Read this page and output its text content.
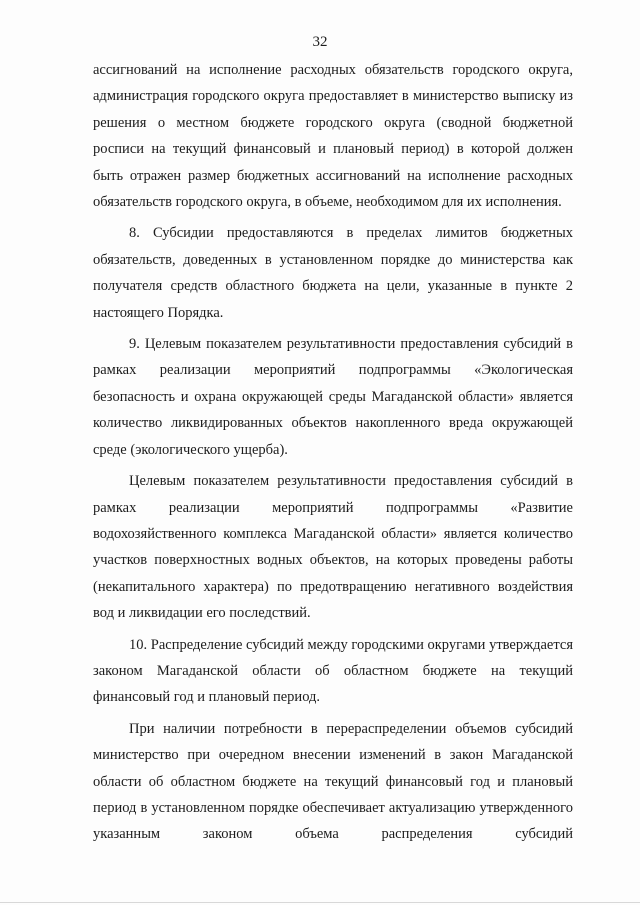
32

ассигнований на исполнение расходных обязательств городского округа, администрация городского округа предоставляет в министерство выписку из решения о местном бюджете городского округа (сводной бюджетной росписи на текущий финансовый и плановый период) в которой должен быть отражен размер бюджетных ассигнований на исполнение расходных обязательств городского округа, в объеме, необходимом для их исполнения.

8. Субсидии предоставляются в пределах лимитов бюджетных обязательств, доведенных в установленном порядке до министерства как получателя средств областного бюджета на цели, указанные в пункте 2 настоящего Порядка.

9. Целевым показателем результативности предоставления субсидий в рамках реализации мероприятий подпрограммы «Экологическая безопасность и охрана окружающей среды Магаданской области» является количество ликвидированных объектов накопленного вреда окружающей среде (экологического ущерба).

Целевым показателем результативности предоставления субсидий в рамках реализации мероприятий подпрограммы «Развитие водохозяйственного комплекса Магаданской области» является количество участков поверхностных водных объектов, на которых проведены работы (некапитального характера) по предотвращению негативного воздействия вод и ликвидации его последствий.

10. Распределение субсидий между городскими округами утверждается законом Магаданской области об областном бюджете на текущий финансовый год и плановый период.

При наличии потребности в перераспределении объемов субсидий министерство при очередном внесении изменений в закон Магаданской области об областном бюджете на текущий финансовый год и плановый период в установленном порядке обеспечивает актуализацию утвержденного указанным законом объема распределения субсидий
